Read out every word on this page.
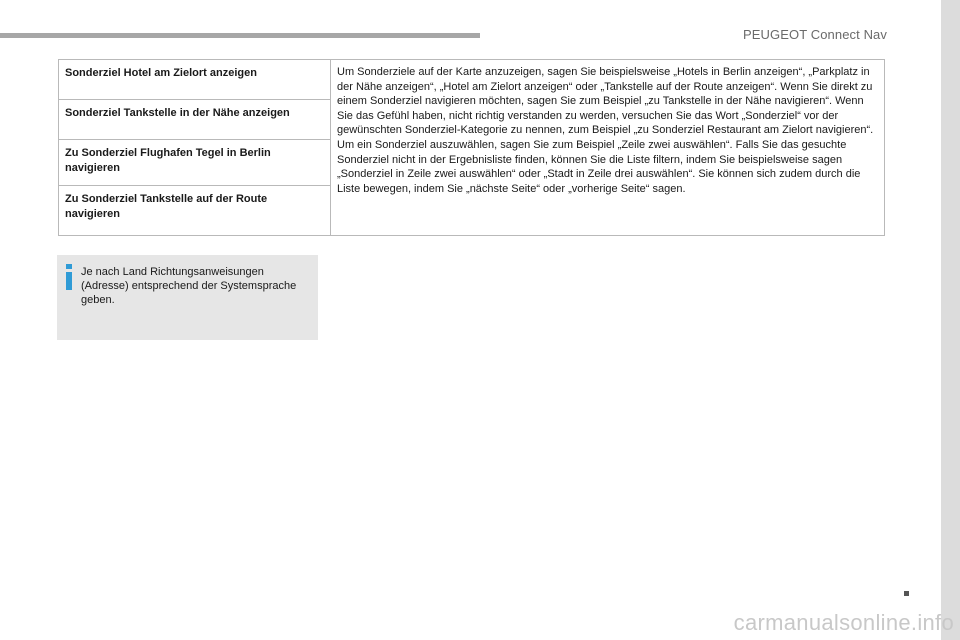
PEUGEOT Connect Nav
Sonderziel Hotel am Zielort anzeigen
Sonderziel Tankstelle in der Nähe anzeigen
Zu Sonderziel Flughafen Tegel in Berlin navigieren
Zu Sonderziel Tankstelle auf der Route navigieren

Um Sonderziele auf der Karte anzuzeigen, sagen Sie beispielsweise „Hotels in Berlin anzeigen“, „Parkplatz in der Nähe anzeigen“, „Hotel am Zielort anzeigen“ oder „Tankstelle auf der Route anzeigen“. Wenn Sie direkt zu einem Sonderziel navigieren möchten, sagen Sie zum Beispiel „zu Tankstelle in der Nähe navigieren“. Wenn Sie das Gefühl haben, nicht richtig verstanden zu werden, versuchen Sie das Wort „Sonderziel“ vor der gewünschten Sonderziel-Kategorie zu nennen, zum Beispiel „zu Sonderziel Restaurant am Zielort navigieren“.

Um ein Sonderziel auszuwählen, sagen Sie zum Beispiel „Zeile zwei auswählen“. Falls Sie das gesuchte Sonderziel nicht in der Ergebnisliste finden, können Sie die Liste filtern, indem Sie beispielsweise sagen „Sonderziel in Zeile zwei auswählen“ oder „Stadt in Zeile drei auswählen“. Sie können sich zudem durch die Liste bewegen, indem Sie „nächste Seite“ oder „vorherige Seite“ sagen.

Je nach Land Richtungsanweisungen (Adresse) entsprechend der Systemsprache geben.
carmanualsonline.info
